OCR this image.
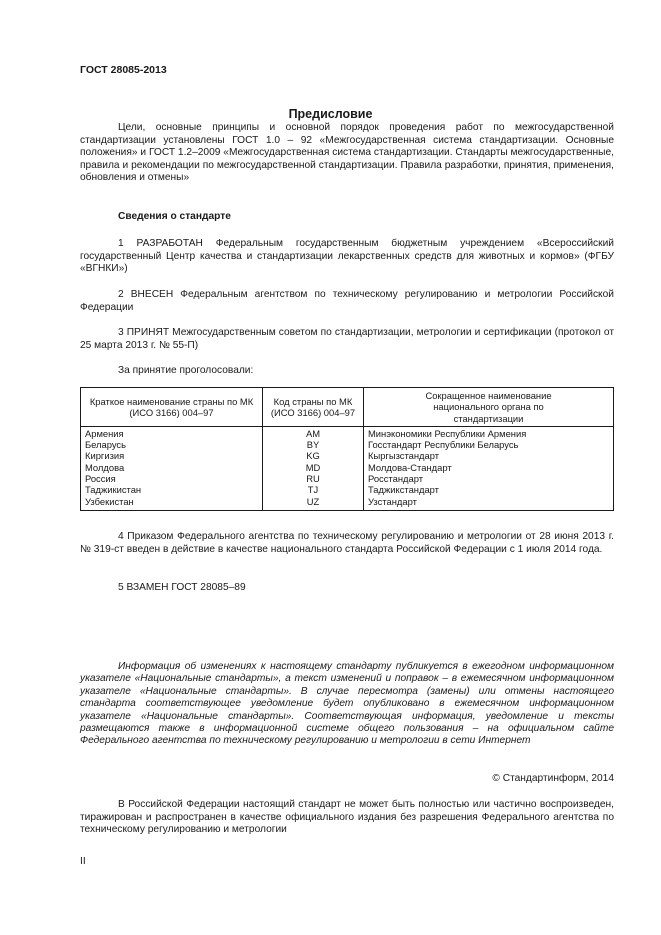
ГОСТ 28085-2013
Предисловие

Цели, основные принципы и основной порядок проведения работ по межгосударственной стандартизации установлены ГОСТ 1.0 – 92 «Межгосударственная система стандартизации. Основные положения» и ГОСТ 1.2–2009 «Межгосударственная система стандартизации. Стандарты межгосударственные, правила и рекомендации по межгосударственной стандартизации. Правила разработки, принятия, применения, обновления и отмены»

Сведения о стандарте

1 РАЗРАБОТАН Федеральным государственным бюджетным учреждением «Всероссийский государственный Центр качества и стандартизации лекарственных средств для животных и кормов» (ФГБУ «ВГНКИ»)

2 ВНЕСЕН Федеральным агентством по техническому регулированию и метрологии Российской Федерации

3 ПРИНЯТ Межгосударственным советом по стандартизации, метрологии и сертификации (протокол от 25 марта 2013 г. № 55-П)

За принятие проголосовали:
Краткое наименование страны по МК (ИСО 3166) 004–97	Код страны по МК (ИСО 3166) 004–97	Сокращенное наименование национального органа по стандартизации
Армения	AM	Минэкономики Республики Армения
Беларусь	BY	Госстандарт Республики Беларусь
Киргизия	KG	Кыргызстандарт
Молдова	MD	Молдова-Стандарт
Россия	RU	Росстандарт
Таджикистан	TJ	Таджикстандарт
Узбекистан	UZ	Узстандарт

4 Приказом Федерального агентства по техническому регулированию и метрологии от 28 июня 2013 г. № 319-ст введен в действие в качестве национального стандарта Российской Федерации с 1 июля 2014 года.

5 ВЗАМЕН ГОСТ 28085–89

Информация об изменениях к настоящему стандарту публикуется в ежегодном информационном указателе «Национальные стандарты», а текст изменений и поправок – в ежемесячном информационном указателе «Национальные стандарты». В случае пересмотра (замены) или отмены настоящего стандарта соответствующее уведомление будет опубликовано в ежемесячном информационном указателе «Национальные стандарты». Соответствующая информация, уведомление и тексты размещаются также в информационной системе общего пользования – на официальном сайте Федерального агентства по техническому регулированию и метрологии в сети Интернет

© Стандартинформ, 2014

В Российской Федерации настоящий стандарт не может быть полностью или частично воспроизведен, тиражирован и распространен в качестве официального издания без разрешения Федерального агентства по техническому регулированию и метрологии

II
